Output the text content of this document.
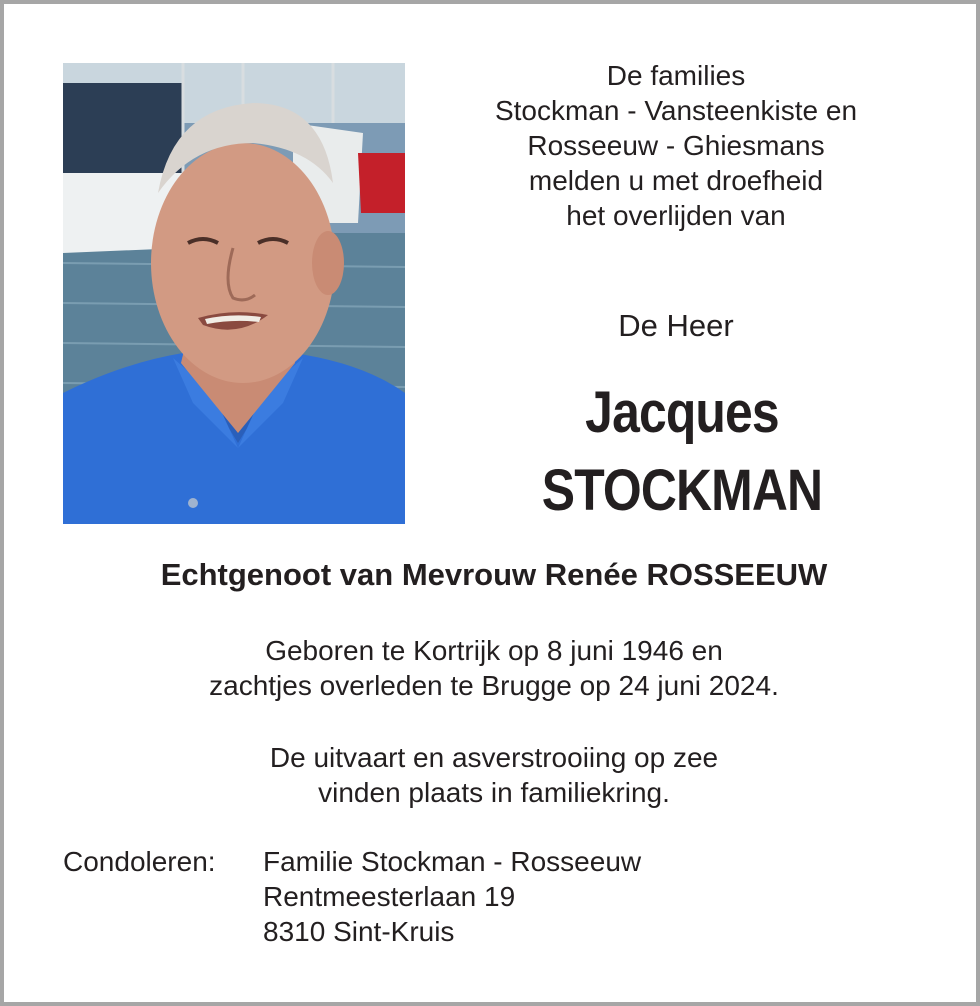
De families
Stockman - Vansteenkiste en
Rosseeuw - Ghiesmans
melden u met droefheid
het overlijden van
De Heer
Jacques
STOCKMAN
Echtgenoot van Mevrouw Renée ROSSEEUW
Geboren te Kortrijk op 8 juni 1946 en
zachtjes overleden te Brugge op 24 juni 2024.
De uitvaart en asverstrooiing op zee
vinden plaats in familiekring.
Condoleren: Familie Stockman - Rosseeuw
Rentmeesterlaan 19
8310 Sint-Kruis
